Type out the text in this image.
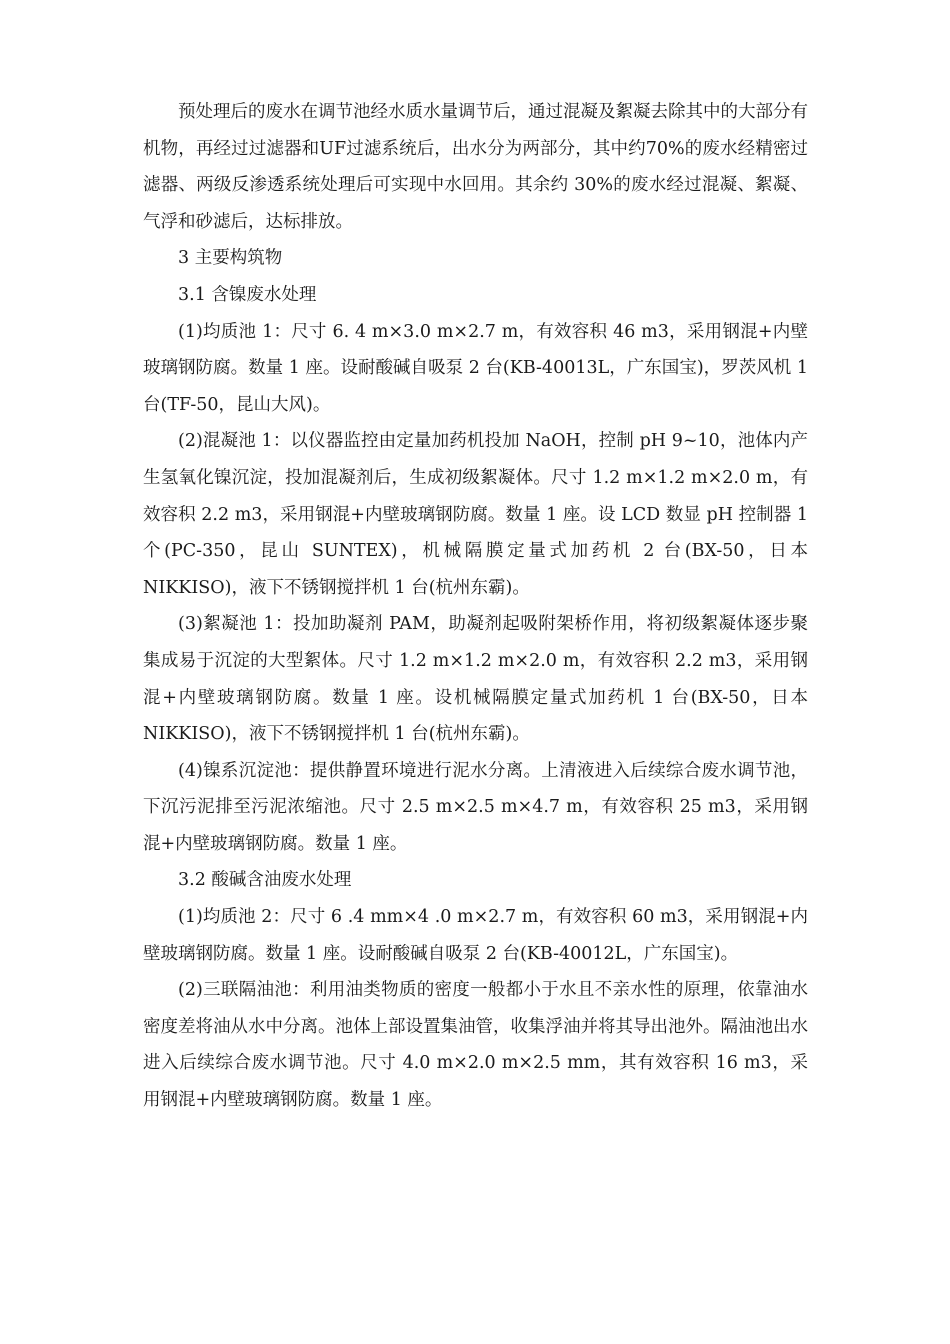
预处理后的废水在调节池经水质水量调节后，通过混凝及絮凝去除其中的大部分有机物，再经过过滤器和UF过滤系统后，出水分为两部分，其中约70%的废水经精密过滤器、两级反渗透系统处理后可实现中水回用。其余约 30%的废水经过混凝、絮凝、气浮和砂滤后，达标排放。

3 主要构筑物

3.1 含镍废水处理

(1)均质池 1：尺寸 6. 4 m×3.0 m×2.7 m，有效容积 46 m3，采用钢混+内壁玻璃钢防腐。数量 1 座。设耐酸碱自吸泵 2 台(KB-40013L，广东国宝)，罗茨风机 1 台(TF-50，昆山大风)。

(2)混凝池 1：以仪器监控由定量加药机投加 NaOH，控制 pH 9~10，池体内产生氢氧化镍沉淀，投加混凝剂后，生成初级絮凝体。尺寸 1.2 m×1.2 m×2.0 m，有效容积 2.2 m3，采用钢混+内壁玻璃钢防腐。数量 1 座。设 LCD 数显 pH 控制器 1 个(PC-350，昆山 SUNTEX)，机械隔膜定量式加药机 2 台(BX-50，日本 NIKKISO)，液下不锈钢搅拌机 1 台(杭州东霸)。

(3)絮凝池 1：投加助凝剂 PAM，助凝剂起吸附架桥作用，将初级絮凝体逐步聚集成易于沉淀的大型絮体。尺寸 1.2 m×1.2 m×2.0 m，有效容积 2.2 m3，采用钢混+内壁玻璃钢防腐。数量 1 座。设机械隔膜定量式加药机 1 台(BX-50，日本 NIKKISO)，液下不锈钢搅拌机 1 台(杭州东霸)。

(4)镍系沉淀池：提供静置环境进行泥水分离。上清液进入后续综合废水调节池，下沉污泥排至污泥浓缩池。尺寸 2.5 m×2.5 m×4.7 m，有效容积 25 m3，采用钢混+内壁玻璃钢防腐。数量 1 座。

3.2 酸碱含油废水处理

(1)均质池 2：尺寸 6 .4 mm×4 .0 m×2.7 m，有效容积 60 m3，采用钢混+内壁玻璃钢防腐。数量 1 座。设耐酸碱自吸泵 2 台(KB-40012L，广东国宝)。

(2)三联隔油池：利用油类物质的密度一般都小于水且不亲水性的原理，依靠油水密度差将油从水中分离。池体上部设置集油管，收集浮油并将其导出池外。隔油池出水进入后续综合废水调节池。尺寸 4.0 m×2.0 m×2.5 mm，其有效容积 16 m3，采用钢混+内壁玻璃钢防腐。数量 1 座。
